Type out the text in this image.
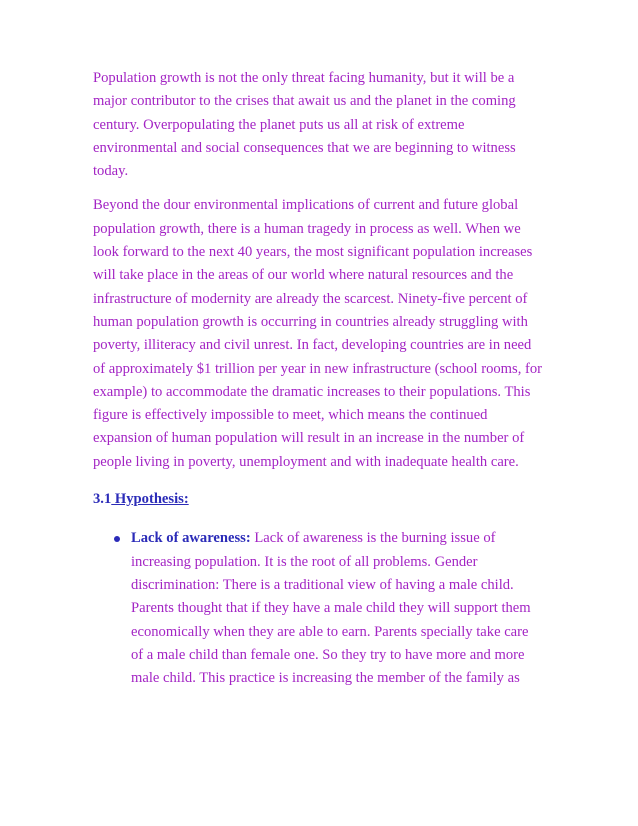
Population growth is not the only threat facing humanity, but it will be a
major contributor to the crises that await us and the planet in the coming
century. Overpopulating the planet puts us all at risk of extreme
environmental and social consequences that we are beginning to witness
today.

Beyond the dour environmental implications of current and future global
population growth, there is a human tragedy in process as well. When we
look forward to the next 40 years, the most significant population increases
will take place in the areas of our world where natural resources and the
infrastructure of modernity are already the scarcest. Ninety-five percent of
human population growth is occurring in countries already struggling with
poverty, illiteracy and civil unrest. In fact, developing countries are in need
of approximately $1 trillion per year in new infrastructure (school rooms, for
example) to accommodate the dramatic increases to their populations. This
figure is effectively impossible to meet, which means the continued
expansion of human population will result in an increase in the number of
people living in poverty, unemployment and with inadequate health care.

3.1 Hypothesis:
Lack of awareness: Lack of awareness is the burning issue of
increasing population. It is the root of all problems. Gender
discrimination: There is a traditional view of having a male child.
Parents thought that if they have a male child they will support them
economically when they are able to earn. Parents specially take care
of a male child than female one. So they try to have more and more
male child. This practice is increasing the member of the family as
